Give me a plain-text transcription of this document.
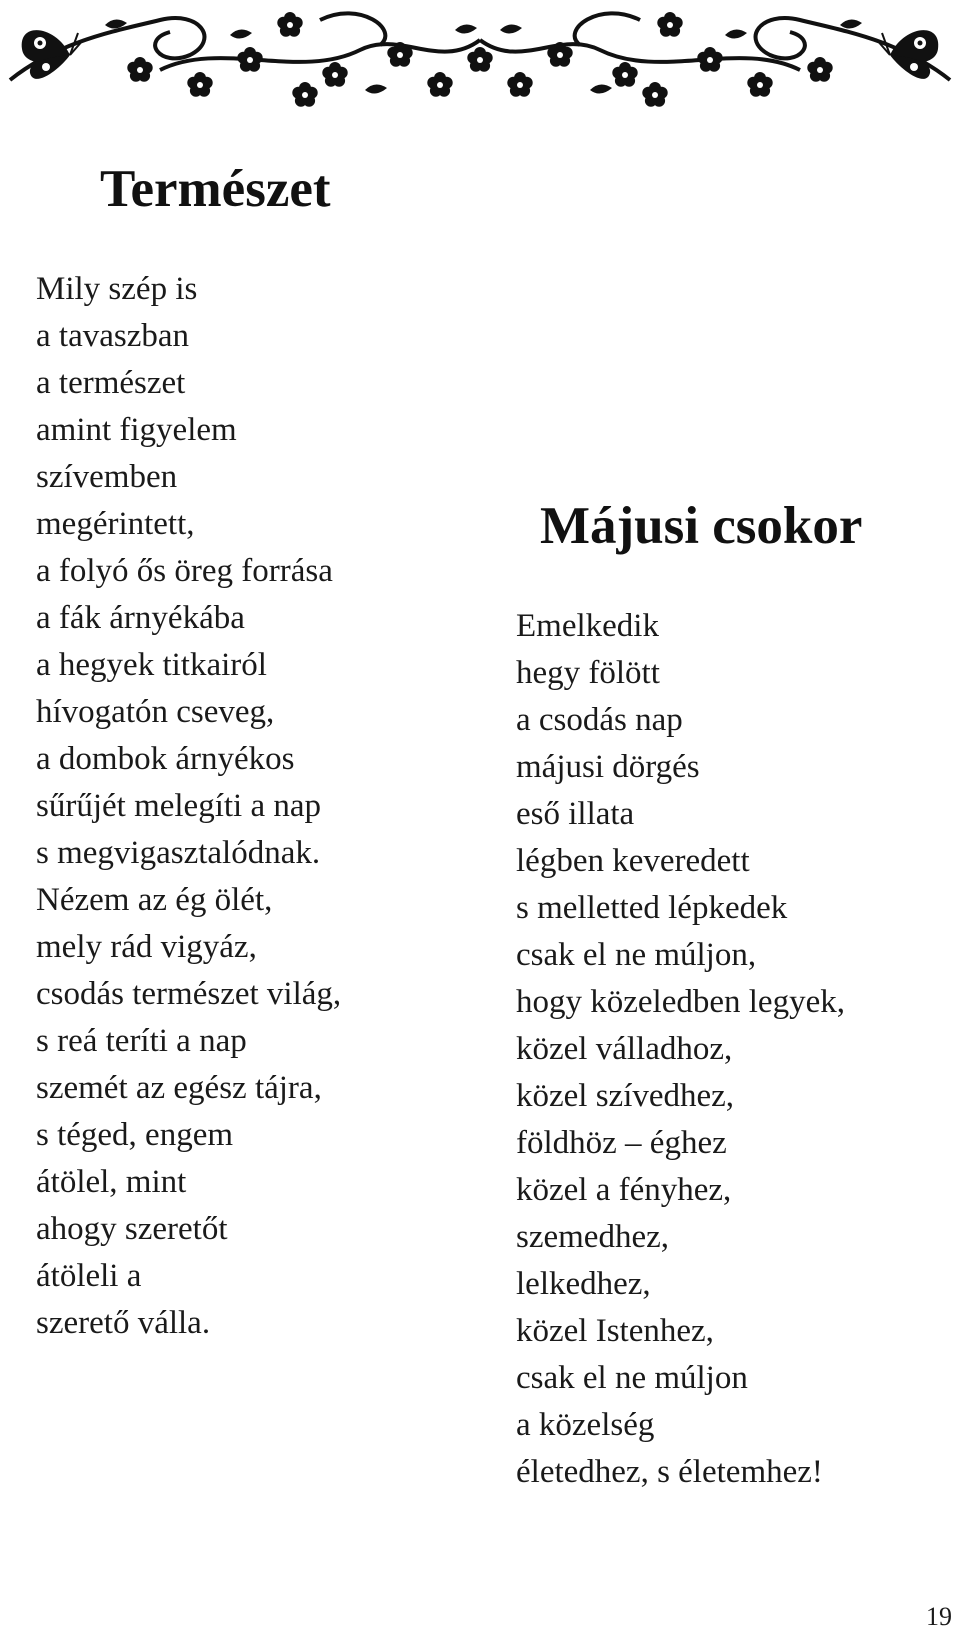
Természet
Mily szép is
a tavaszban
a természet
amint figyelem
szívemben
megérintett,
a folyó ős öreg forrása
a fák árnyékába
a hegyek titkairól
hívogatón cseveg,
a dombok árnyékos
sűrűjét melegíti a nap
s megvigasztalódnak.
Nézem az ég ölét,
mely rád vigyáz,
csodás természet világ,
s reá teríti a nap
szemét az egész tájra,
s téged, engem
átölel, mint
ahogy szeretőt
átöleli a
szerető válla.
Májusi csokor
Emelkedik
hegy fölött
a csodás nap
májusi dörgés
eső illata
légben keveredett
s melletted lépkedek
csak el ne múljon,
hogy közeledben legyek,
közel válladhoz,
közel szívedhez,
földhöz – éghez
közel a fényhez,
szemedhez,
lelkedhez,
közel Istenhez,
csak el ne múljon
a közelség
életedhez, s életemhez!
19
